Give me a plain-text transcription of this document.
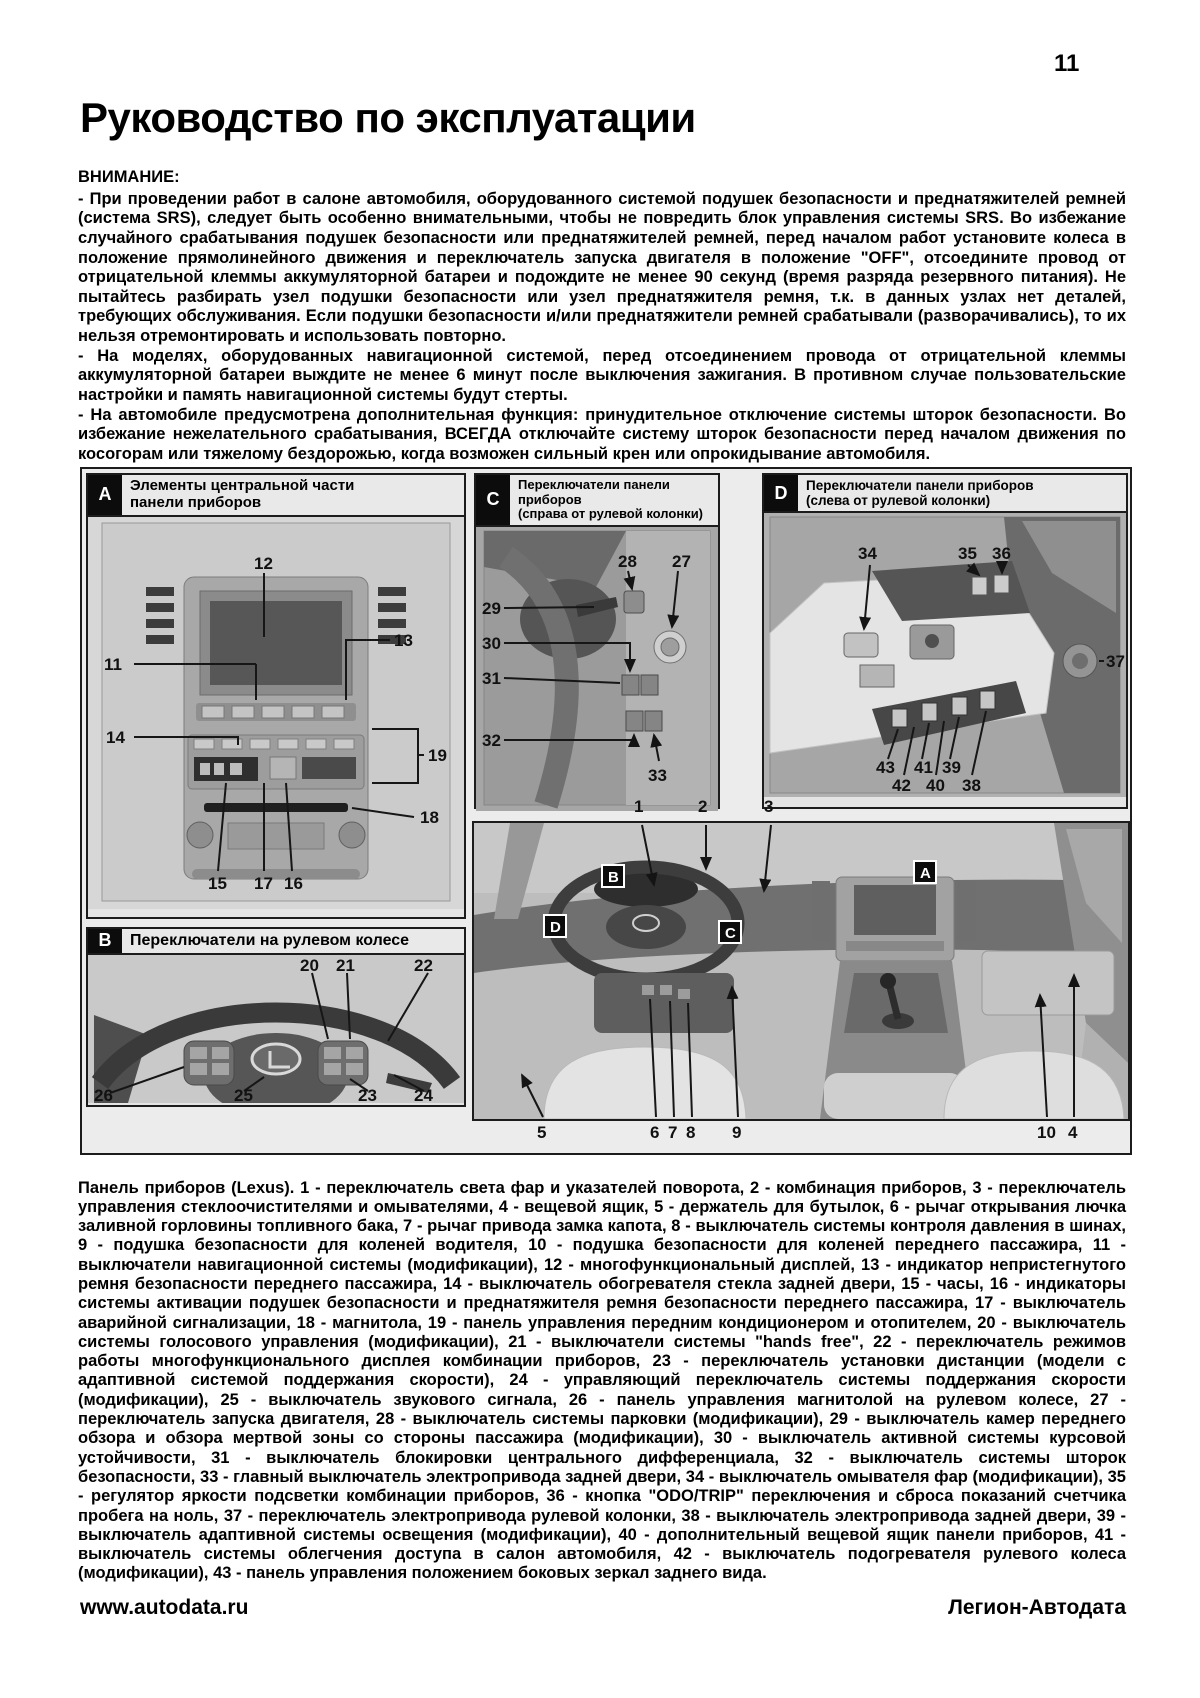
11
Руководство по эксплуатации
ВНИМАНИЕ:

- При проведении работ в салоне автомобиля, оборудованного системой подушек безопасности и преднатяжителей ремней (система SRS), следует быть особенно внимательными, чтобы не повредить блок управления системы SRS. Во избежание случайного срабатывания подушек безопасности или преднатяжителей ремней, перед началом работ установите колеса в положение прямолинейного движения и переключатель запуска двигателя в положение "OFF", отсоедините провод от отрицательной клеммы аккумуляторной батареи и подождите не менее 90 секунд (время разряда резервного питания). Не пытайтесь разбирать узел подушки безопасности или узел преднатяжителя ремня, т.к. в данных узлах нет деталей, требующих обслуживания. Если подушки безопасности и/или преднатяжители ремней срабатывали (разворачивались), то их нельзя отремонтировать и использовать повторно.

- На моделях, оборудованных навигационной системой, перед отсоединением провода от отрицательной клеммы аккумуляторной батареи выждите не менее 6 минут после выключения зажигания. В противном случае пользовательские настройки и память навигационной системы будут стерты.

- На автомобиле предусмотрена дополнительная функция: принудительное отключение системы шторок безопасности. Во избежание нежелательного срабатывания, ВСЕГДА отключайте систему шторок безопасности перед началом движения по косогорам или тяжелому бездорожью, когда возможен сильный крен или опрокидывание автомобиля.

A	Элементы центральной части
панели приборов
12
11
13
14
19
18
15 17 16
C
Переключатели панели приборов
(справа от рулевой колонки)
28 27
29
30
31
32
33
D	Переключатели панели приборов
(слева от рулевой колонки)
34	35 36
37
43 41 39
42 40 38
B	Переключатели на рулевом колесе
20 21	22
26	25	23 24
1	2	3
B	A
D	C
5	6 7 8 9	10 4

Панель приборов (Lexus). 1 - переключатель света фар и указателей поворота, 2 - комбинация приборов, 3 - переключатель управления стеклоочистителями и омывателями, 4 - вещевой ящик, 5 - держатель для бутылок, 6 - рычаг открывания лючка заливной горловины топливного бака, 7 - рычаг привода замка капота, 8 - выключатель системы контроля давления в шинах, 9 - подушка безопасности для коленей водителя, 10 - подушка безопасности для коленей переднего пассажира, 11 - выключатели навигационной системы (модификации), 12 - многофункциональный дисплей, 13 - индикатор непристегнутого ремня безопасности переднего пассажира, 14 - выключатель обогревателя стекла задней двери, 15 - часы, 16 - индикаторы системы активации подушек безопасности и преднатяжителя ремня безопасности переднего пассажира, 17 - выключатель аварийной сигнализации, 18 - магнитола, 19 - панель управления передним кондиционером и отопителем, 20 - выключатель системы голосового управления (модификации), 21 - выключатели системы "hands free", 22 - переключатель режимов работы многофункционального дисплея комбинации приборов, 23 - переключатель установки дистанции (модели с адаптивной системой поддержания скорости), 24 - управляющий переключатель системы поддержания скорости (модификации), 25 - выключатель звукового сигнала, 26 - панель управления магнитолой на рулевом колесе, 27 - переключатель запуска двигателя, 28 - выключатель системы парковки (модификации), 29 - выключатель камер переднего обзора и обзора мертвой зоны со стороны пассажира (модификации), 30 - выключатель активной системы курсовой устойчивости, 31 - выключатель блокировки центрального дифференциала, 32 - выключатель системы шторок безопасности, 33 - главный выключатель электропривода задней двери, 34 - выключатель омывателя фар (модификации), 35 - регулятор яркости подсветки комбинации приборов, 36 - кнопка "ODO/TRIP" переключения и сброса показаний счетчика пробега на ноль, 37 - переключатель электропривода рулевой колонки, 38 - выключатель электропривода задней двери, 39 - выключатель адаптивной системы освещения (модификации), 40 - дополнительный вещевой ящик панели приборов, 41 - выключатель системы облегчения доступа в салон автомобиля, 42 - выключатель подогревателя рулевого колеса (модификации), 43 - панель управления положением боковых зеркал заднего вида.

www.autodata.ru	Легион-Автодата
